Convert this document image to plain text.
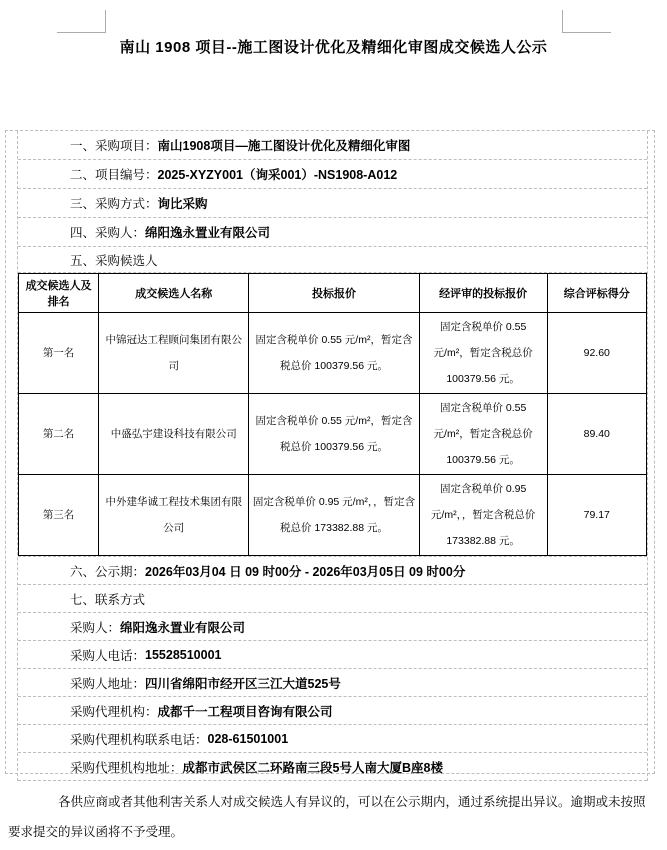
南山 1908 项目--施工图设计优化及精细化审图成交候选人公示
一、采购项目： 南山1908项目—施工图设计优化及精细化审图
二、项目编号： 2025-XYZY001（询采001）-NS1908-A012
三、采购方式： 询比采购
四、采购人： 绵阳逸永置业有限公司
五、采购候选人
成交候选人及排名	成交候选人名称	投标报价	经评审的投标报价	综合评标得分
第一名	中锦冠达工程顾问集团有限公司	固定含税单价 0.55 元/m²，暂定含税总价 100379.56 元。	固定含税单价 0.55 元/m²，暂定含税总价 100379.56 元。	92.60
第二名	中盛弘宇建设科技有限公司	固定含税单价 0.55 元/m²，暂定含税总价 100379.56 元。	固定含税单价 0.55 元/m²，暂定含税总价 100379.56 元。	89.40
第三名	中外建华诚工程技术集团有限公司	固定含税单价 0.95 元/m²，，暂定含税总价 173382.88 元。	固定含税单价 0.95 元/m²，，暂定含税总价 173382.88 元。	79.17
六、公示期： 2026年03月04 日 09 时00分 - 2026年03月05日 09 时00分
七、联系方式
采购人： 绵阳逸永置业有限公司
采购人电话： 15528510001
采购人地址： 四川省绵阳市经开区三江大道525号
采购代理机构： 成都千一工程项目咨询有限公司
采购代理机构联系电话： 028-61501001
采购代理机构地址： 成都市武侯区二环路南三段5号人南大厦B座8楼
各供应商或者其他利害关系人对成交候选人有异议的，可以在公示期内，通过系统提出异议。逾期或未按照要求提交的异议函将不予受理。
